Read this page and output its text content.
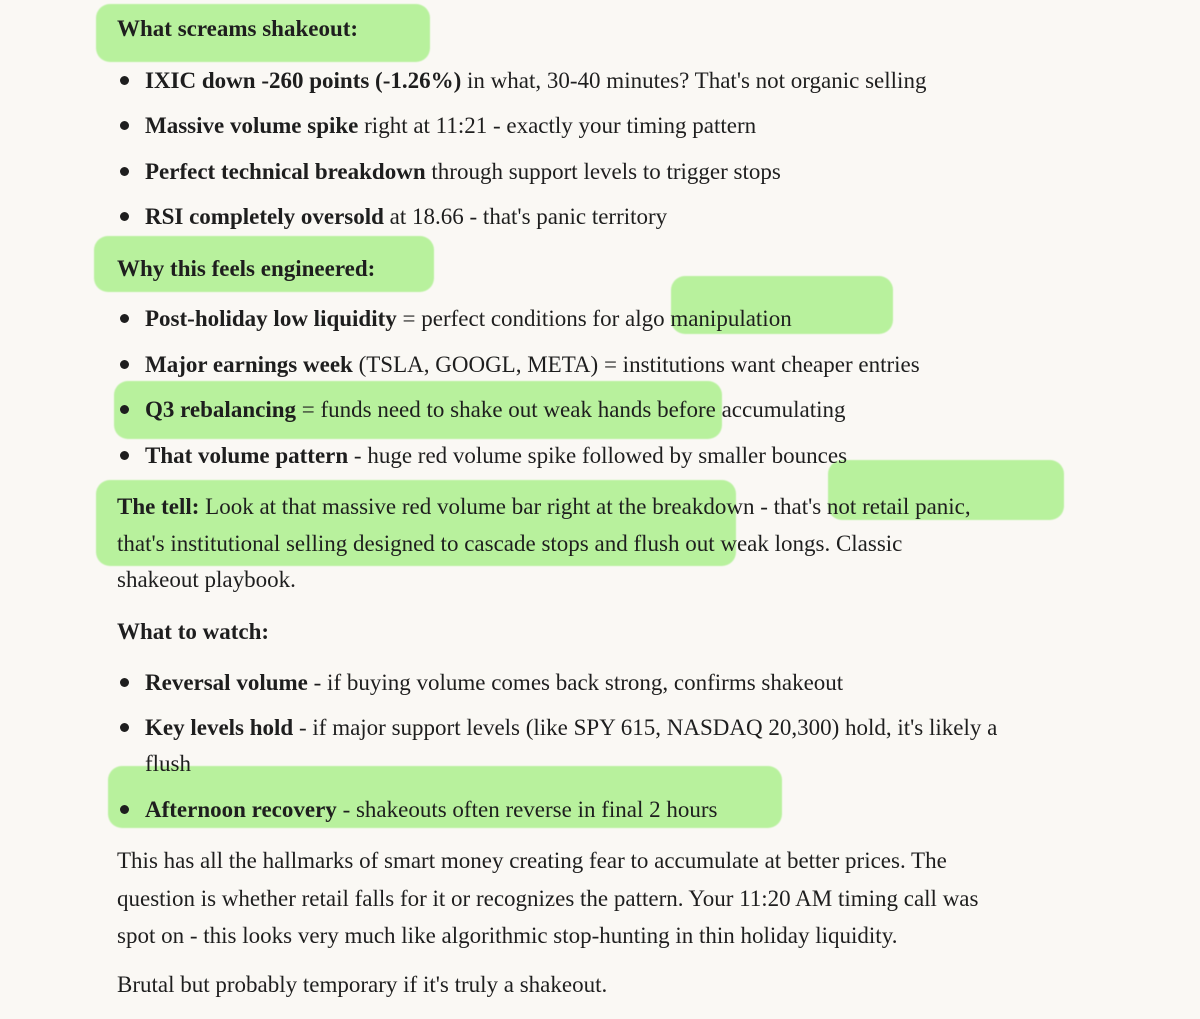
What screams shakeout:
IXIC down -260 points (-1.26%) in what, 30-40 minutes? That's not organic selling
Massive volume spike right at 11:21 - exactly your timing pattern
Perfect technical breakdown through support levels to trigger stops
RSI completely oversold at 18.66 - that's panic territory
Why this feels engineered:
Post-holiday low liquidity = perfect conditions for algo manipulation
Major earnings week (TSLA, GOOGL, META) = institutions want cheaper entries
Q3 rebalancing = funds need to shake out weak hands before accumulating
That volume pattern - huge red volume spike followed by smaller bounces
The tell: Look at that massive red volume bar right at the breakdown - that's not retail panic,
that's institutional selling designed to cascade stops and flush out weak longs. Classic
shakeout playbook.
What to watch:
Reversal volume - if buying volume comes back strong, confirms shakeout
Key levels hold - if major support levels (like SPY 615, NASDAQ 20,300) hold, it's likely a
flush
Afternoon recovery - shakeouts often reverse in final 2 hours
This has all the hallmarks of smart money creating fear to accumulate at better prices. The
question is whether retail falls for it or recognizes the pattern. Your 11:20 AM timing call was
spot on - this looks very much like algorithmic stop-hunting in thin holiday liquidity.
Brutal but probably temporary if it's truly a shakeout.
